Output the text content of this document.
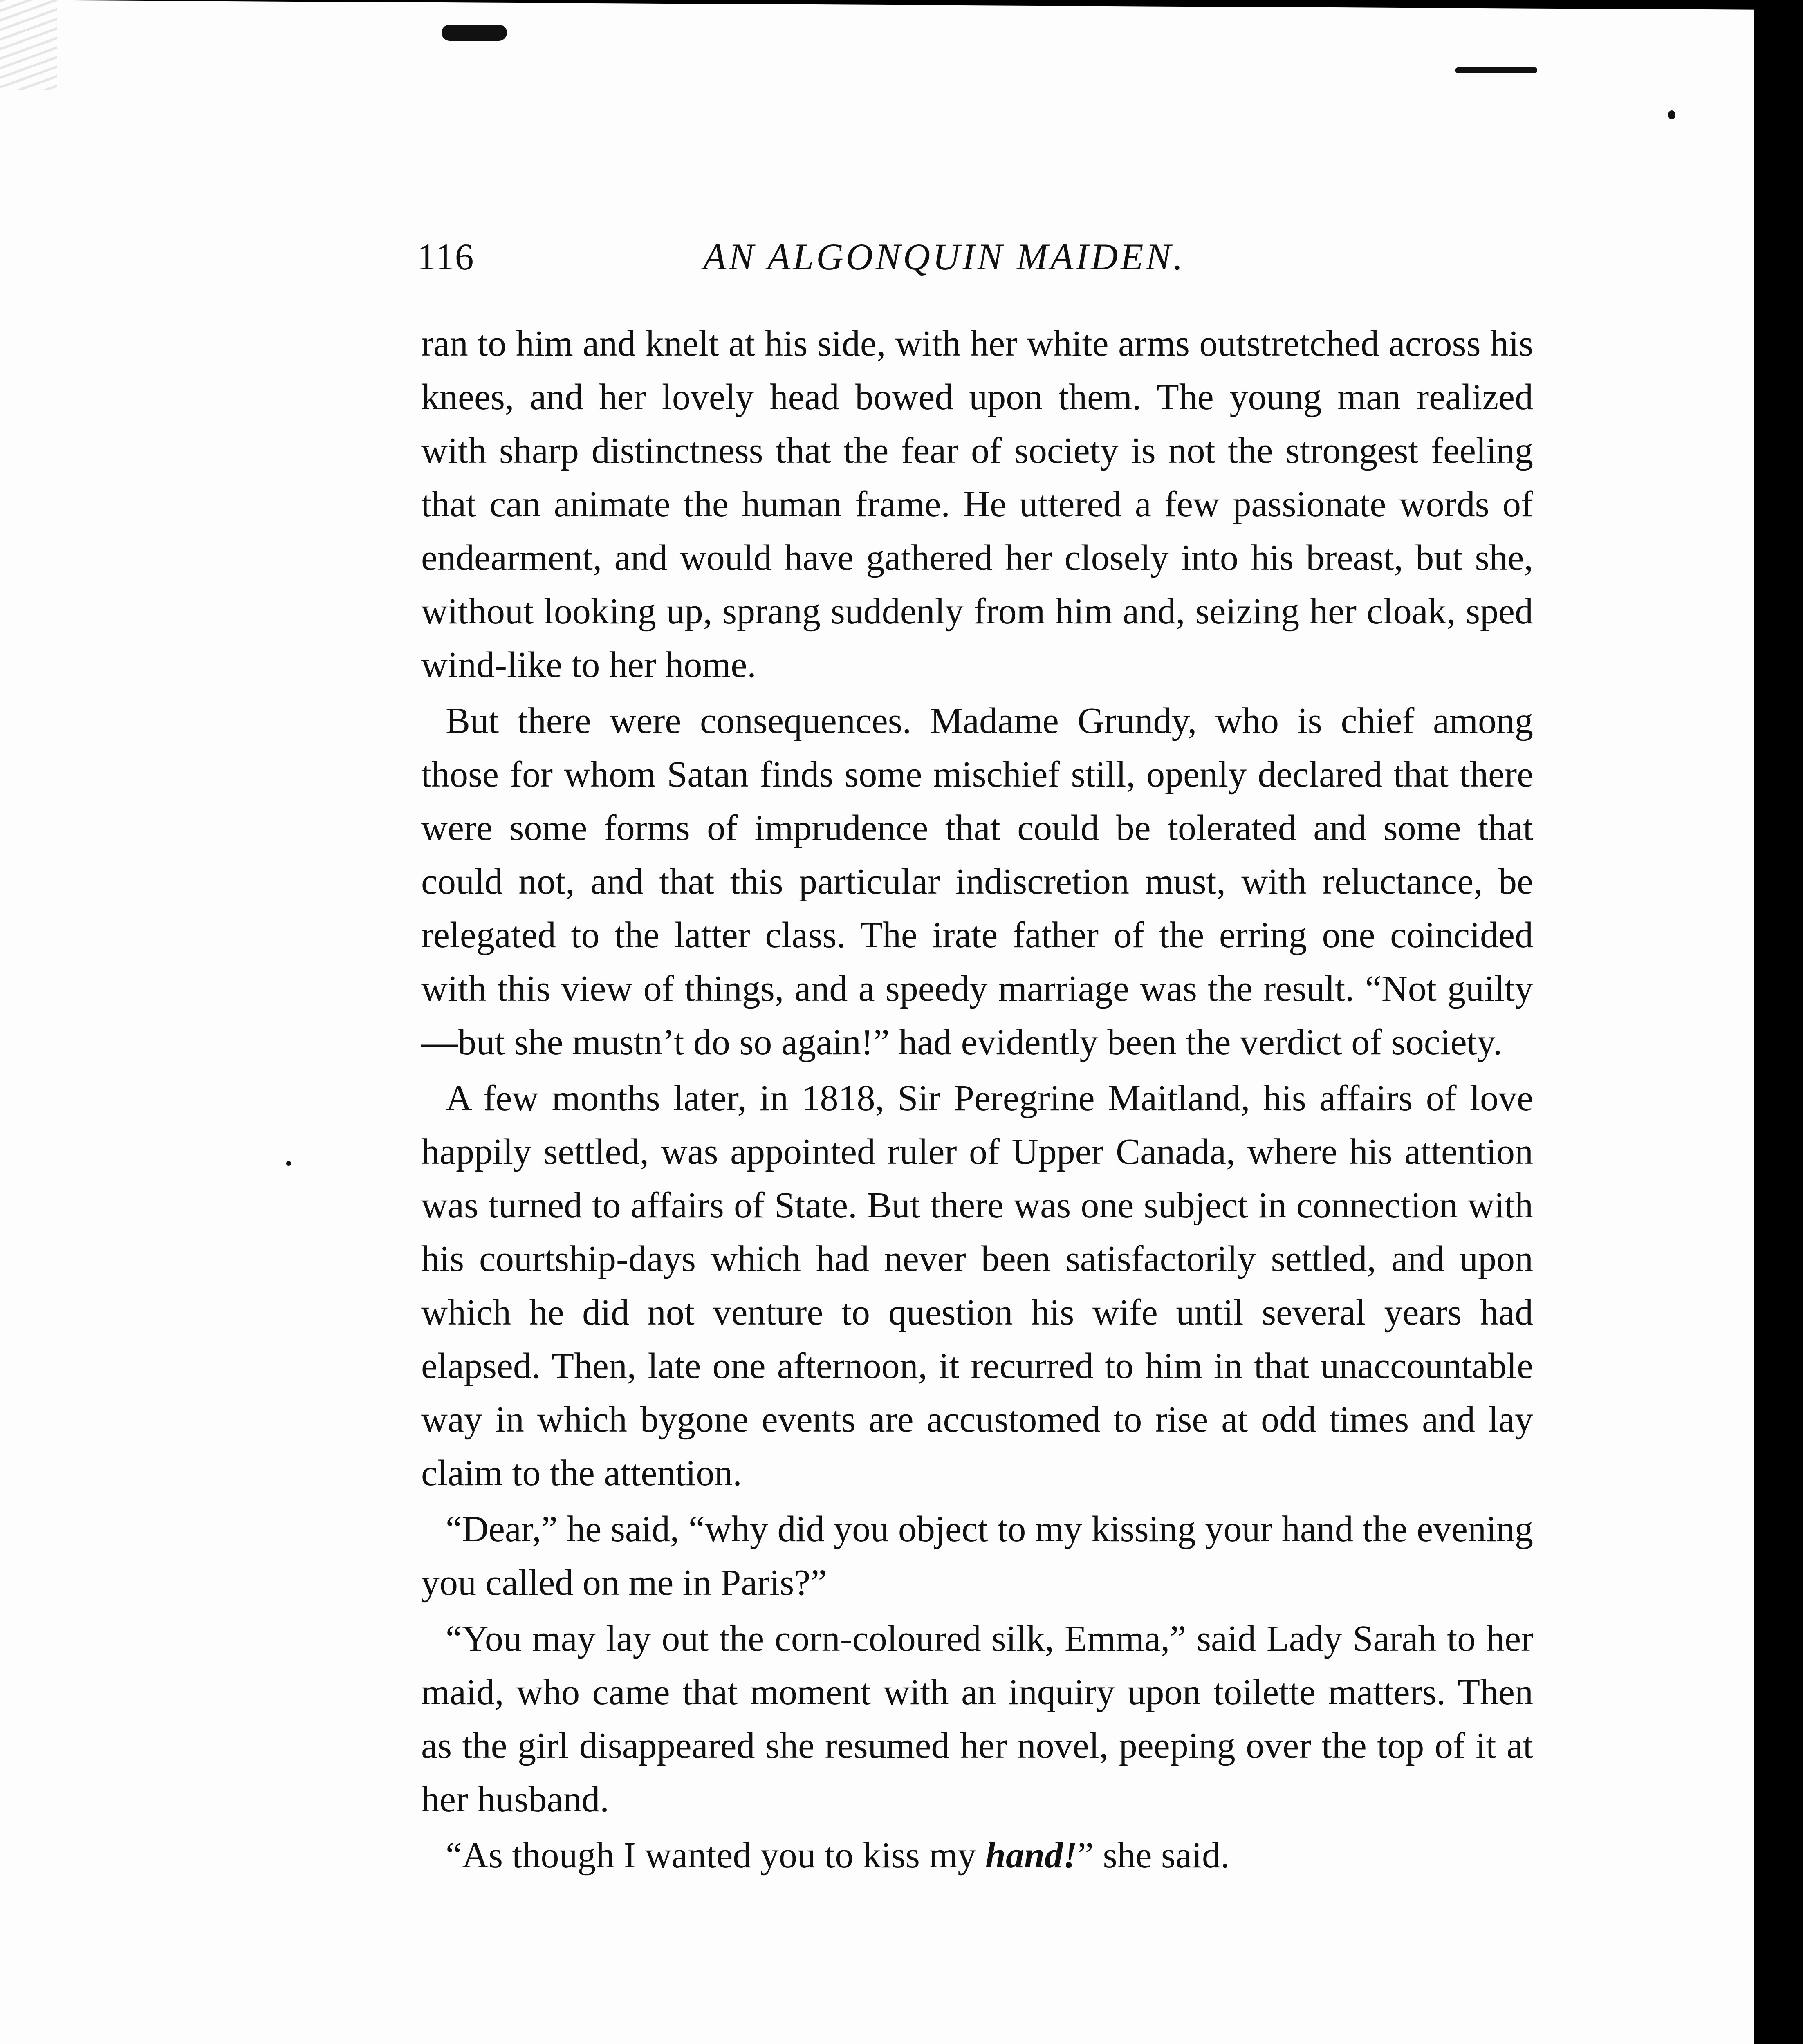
116	AN ALGONQUIN MAIDEN.

ran to him and knelt at his side, with her white arms outstretched across his knees, and her lovely head bowed upon them. The young man realized with sharp distinctness that the fear of society is not the strongest feeling that can animate the human frame. He uttered a few passionate words of endearment, and would have gathered her closely into his breast, but she, without looking up, sprang suddenly from him and, seizing her cloak, sped wind-like to her home.

But there were consequences. Madame Grundy, who is chief among those for whom Satan finds some mischief still, openly declared that there were some forms of imprudence that could be tolerated and some that could not, and that this particular indiscretion must, with reluctance, be relegated to the latter class. The irate father of the erring one coincided with this view of things, and a speedy marriage was the result. “Not guilty—but she mustn’t do so again!” had evidently been the verdict of society.

A few months later, in 1818, Sir Peregrine Maitland, his affairs of love happily settled, was appointed ruler of Upper Canada, where his attention was turned to affairs of State. But there was one subject in connection with his courtship-days which had never been satisfactorily settled, and upon which he did not venture to question his wife until several years had elapsed. Then, late one afternoon, it recurred to him in that unaccountable way in which bygone events are accustomed to rise at odd times and lay claim to the attention.

“Dear,” he said, “why did you object to my kissing your hand the evening you called on me in Paris?”

“You may lay out the corn-coloured silk, Emma,” said Lady Sarah to her maid, who came that moment with an inquiry upon toilette matters. Then as the girl disappeared she resumed her novel, peeping over the top of it at her husband.

“As though I wanted you to kiss my hand!” she said.
